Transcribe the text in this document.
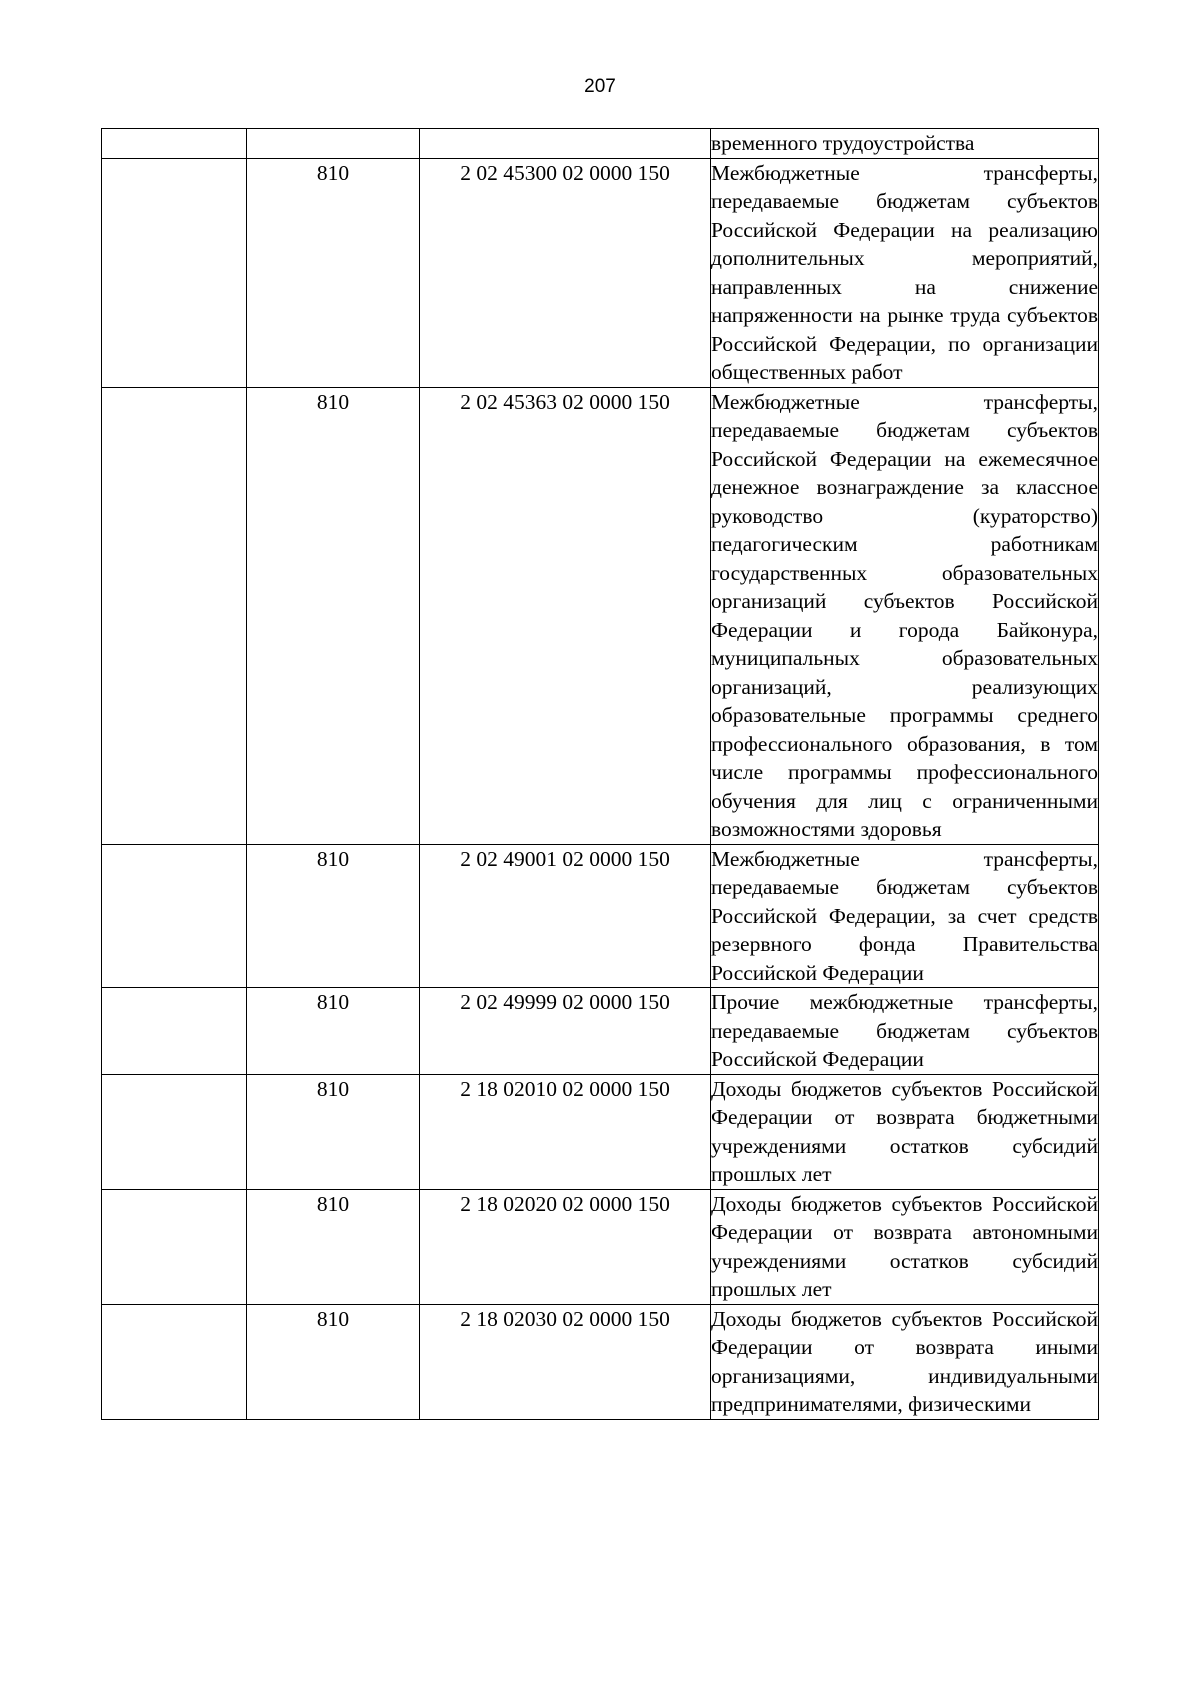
207
			временного трудоустройства
	810	2 02 45300 02 0000 150	Межбюджетные трансферты, передаваемые бюджетам субъектов Российской Федерации на реализацию дополнительных мероприятий, направленных на снижение напряженности на рынке труда субъектов Российской Федерации, по организации общественных работ
	810	2 02 45363 02 0000 150	Межбюджетные трансферты, передаваемые бюджетам субъектов Российской Федерации на ежемесячное денежное вознаграждение за классное руководство (кураторство) педагогическим работникам государственных образовательных организаций субъектов Российской Федерации и города Байконура, муниципальных образовательных организаций, реализующих образовательные программы среднего профессионального образования, в том числе программы профессионального обучения для лиц с ограниченными возможностями здоровья
	810	2 02 49001 02 0000 150	Межбюджетные трансферты, передаваемые бюджетам субъектов Российской Федерации, за счет средств резервного фонда Правительства Российской Федерации
	810	2 02 49999 02 0000 150	Прочие межбюджетные трансферты, передаваемые бюджетам субъектов Российской Федерации
	810	2 18 02010 02 0000 150	Доходы бюджетов субъектов Российской Федерации от возврата бюджетными учреждениями остатков субсидий прошлых лет
	810	2 18 02020 02 0000 150	Доходы бюджетов субъектов Российской Федерации от возврата автономными учреждениями остатков субсидий прошлых лет
	810	2 18 02030 02 0000 150	Доходы бюджетов субъектов Российской Федерации от возврата иными организациями, индивидуальными предпринимателями, физическими
